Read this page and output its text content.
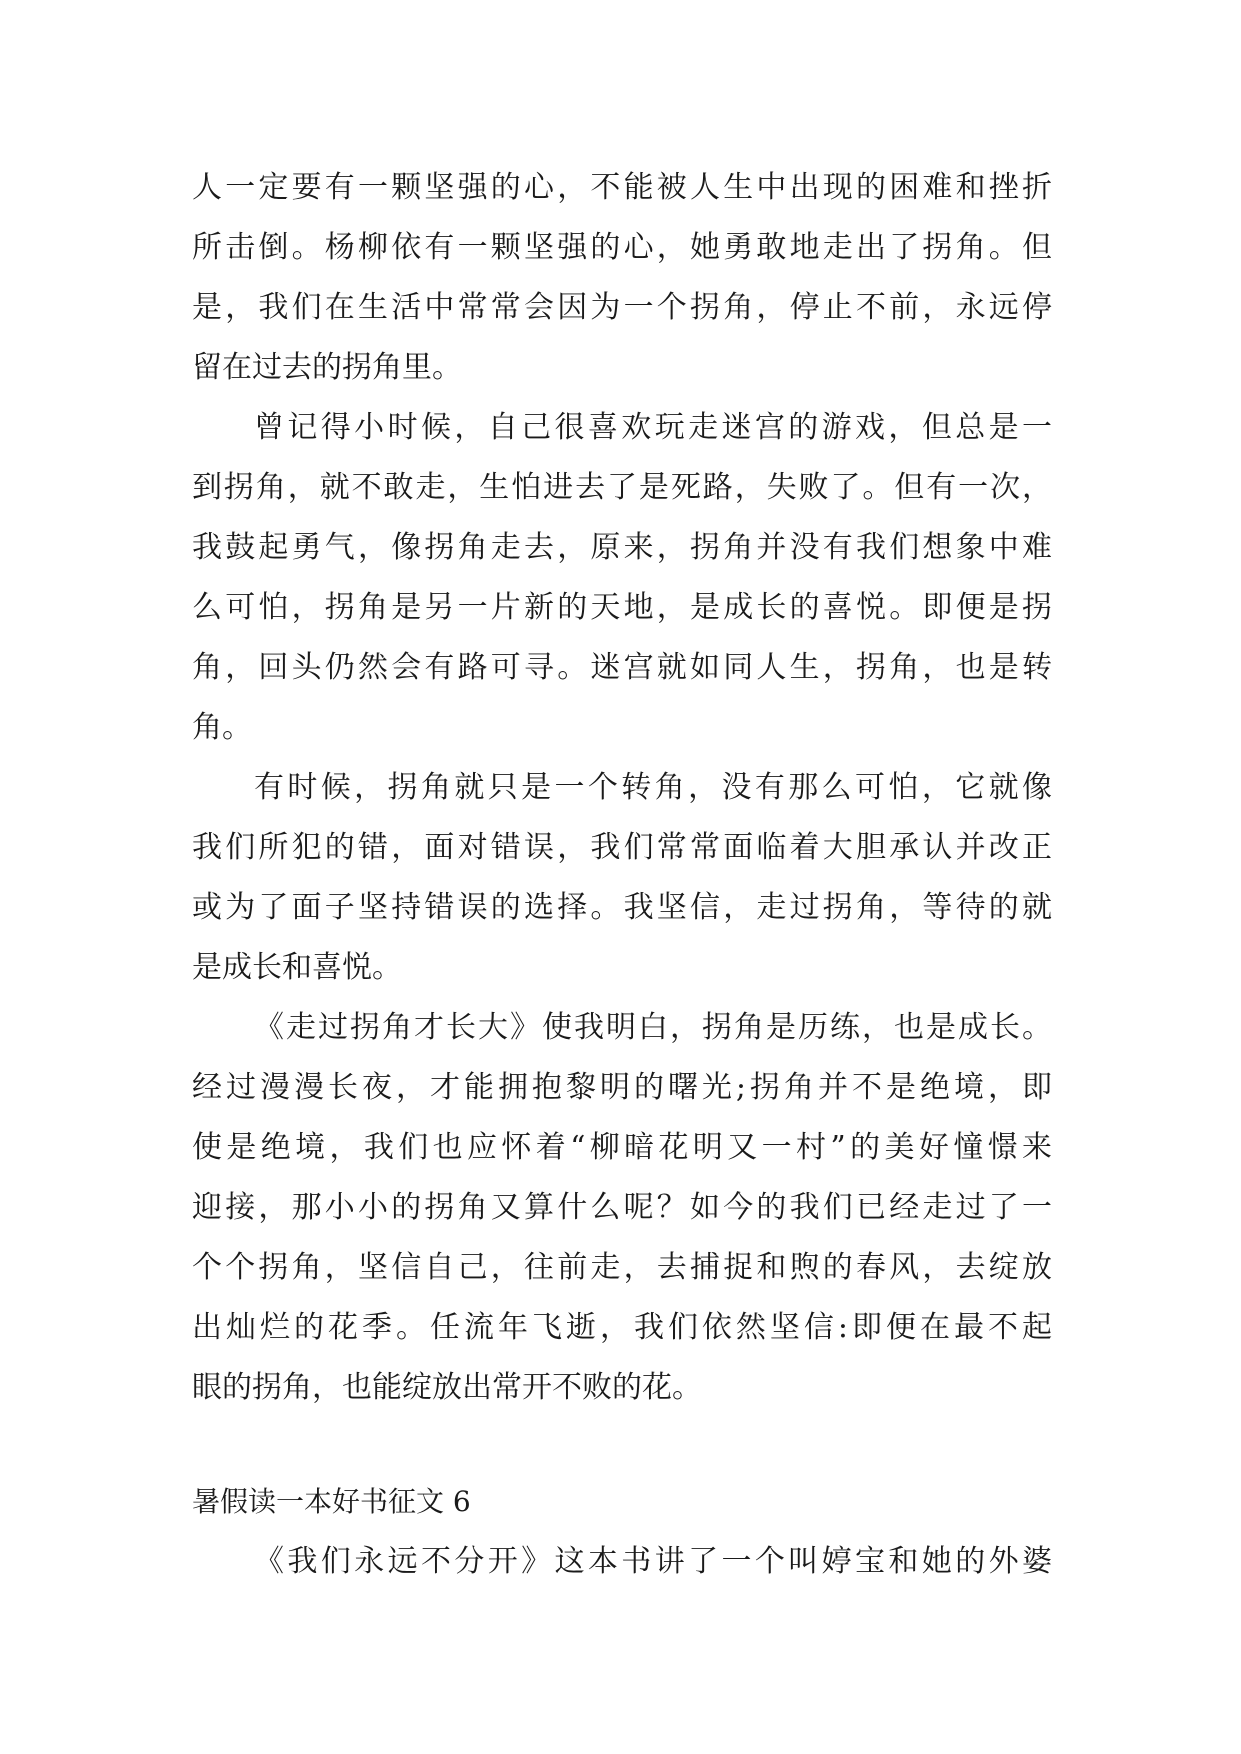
人一定要有一颗坚强的心，不能被人生中出现的困难和挫折
所击倒。杨柳依有一颗坚强的心，她勇敢地走出了拐角。但
是，我们在生活中常常会因为一个拐角，停止不前，永远停
留在过去的拐角里。
曾记得小时候，自己很喜欢玩走迷宫的游戏，但总是一
到拐角，就不敢走，生怕进去了是死路，失败了。但有一次，
我鼓起勇气，像拐角走去，原来，拐角并没有我们想象中难
么可怕，拐角是另一片新的天地，是成长的喜悦。即便是拐
角，回头仍然会有路可寻。迷宫就如同人生，拐角，也是转
角。
有时候，拐角就只是一个转角，没有那么可怕，它就像
我们所犯的错，面对错误，我们常常面临着大胆承认并改正
或为了面子坚持错误的选择。我坚信，走过拐角，等待的就
是成长和喜悦。
《走过拐角才长大》使我明白，拐角是历练，也是成长。
经过漫漫长夜，才能拥抱黎明的曙光;拐角并不是绝境，即
使是绝境，我们也应怀着“柳暗花明又一村”的美好憧憬来
迎接，那小小的拐角又算什么呢？如今的我们已经走过了一
个个拐角，坚信自己，往前走，去捕捉和煦的春风，去绽放
出灿烂的花季。任流年飞逝，我们依然坚信:即便在最不起
眼的拐角，也能绽放出常开不败的花。
暑假读一本好书征文 6
《我们永远不分开》这本书讲了一个叫婷宝和她的外婆
